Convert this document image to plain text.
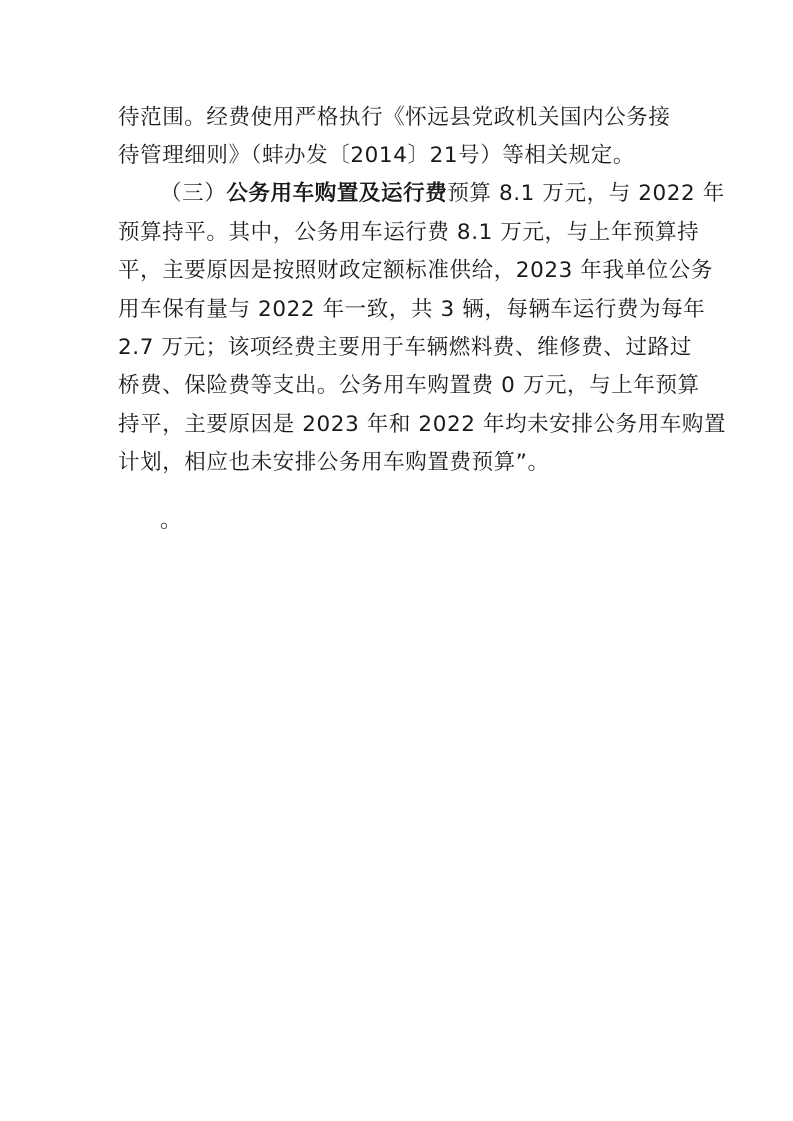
待范围。经费使用严格执行《怀远县党政机关国内公务接
待管理细则》（蚌办发〔2014〕21号）等相关规定。
（三）公务用车购置及运行费预算 8.1 万元，与 2022 年
预算持平。其中，公务用车运行费 8.1 万元，与上年预算持
平，主要原因是按照财政定额标准供给，2023 年我单位公务
用车保有量与 2022 年一致，共 3 辆，每辆车运行费为每年
2.7 万元；该项经费主要用于车辆燃料费、维修费、过路过
桥费、保险费等支出。公务用车购置费 0 万元，与上年预算
持平，主要原因是 2023 年和 2022 年均未安排公务用车购置
计划，相应也未安排公务用车购置费预算”。
。
